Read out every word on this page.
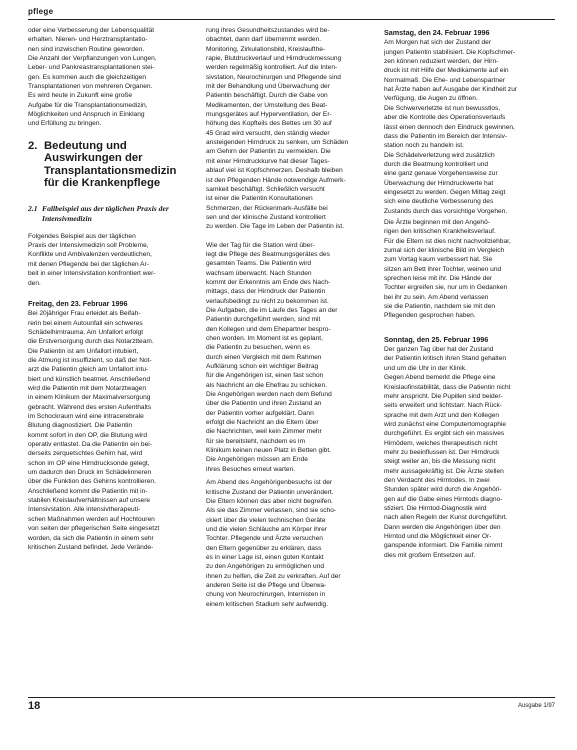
pflege
oder eine Verbesserung der Lebensqualität
erhalten. Nieren- und Herztransplantatio-
nen sind inzwischen Routine geworden.
Die Anzahl der Verpflanzungen von Lungen,
Leber- und Pankreastransplantationen stei-
gen. Es kommen auch die gleichzeitigen
Transplantationen von mehreren Organen.
Es wird heute in Zukunft eine große
Aufgabe für die Transplantationsmedizin,
Möglichkeiten und Anspruch in Einklang
und Erfüllung zu bringen.
2. Bedeutung und Auswirkungen der Transplantationsmedizin für die Krankenpflege
2.1 Fallbeispiel aus der täglichen Praxis der Intensivmedizin
Folgendes Beispiel aus der täglichen
Praxis der Intensivmedizin soll Probleme,
Konflikte und Ambivalenzen verdeutlichen,
mit denen Pflegende bei der täglichen Ar-
beit in einer Intensivstation konfrontiert wer-
den.
Freitag, den 23. Februar 1996
Bei 20jähriger Frau erleidet als Beifah-
rerin bei einem Autounfall ein schweres
Schädelhirntrauma. Am Unfallort erfolgt
die Erstversorgung durch das Notarztteam.
Die Patientin ist am Unfallort intubiert,
die Atmung ist insuffizient, so daß der Not-
arzt die Patientin gleich am Unfallort intu-
biert und künstlich beatmet. Anschließend
wird die Patientin mit dem Notarztwagen
in einem Klinikum der Maximalversorgung
gebracht. Während des ersten Aufenthalts
im Schockraum wird eine intracerebrale
Blutung diagnostiziert. Die Patientin
kommt sofort in den OP, die Blutung wird
operativ entlastet. Da die Patientin ein bei-
derseits zerquetschtes Gehirn hat, wird
schon im OP eine Hirndrucksonde gelegt,
um dadurch den Druck im Schädelinneren
über die Funktion des Gehirns kontrollieren.
Anschließend kommt die Patientin mit in-
stabilen Kreislaufverhältnissen auf unsere
Intensivstation. Alle intensivtherapeuti-
schen Maßnahmen werden auf Hochtouren
von seiten der pflegerischen Seite eingesetzt
worden, da sich die Patientin in einem sehr
kritischen Zustand befindet. Jede Verände-
rung ihres Gesundheitszustandes wird be-
obachtet, dann darf übernimmt werden.
Monitoring, Zirkulationsbild, Kreislaufthe-
rapie, Blutdruckverlauf und Hirndruckmessung
werden regelmäßig kontrolliert. Auf die Inten-
sivstation, Neurochirurgen und Pflegende sind
mit der Behandlung und Überwachung der
Patientin beschäftigt. Durch die Gabe von
Medikamenten, der Umstellung des Beat-
mungsgerätes auf Hyperventilation, der Er-
höhung des Kopfteils des Bettes um 30 auf
45 Grad wird versucht, den ständig wieder
ansteigenden Hirndruck zu senken, um Schäden
am Gehirn der Patientin zu vermeiden. Die
mit einer Hirndruckkurve hat dieser Tages-
ablauf viel ist Kopfschmerzen. Deshalb bleiben
ist den Pflegenden Hände notwendige Aufmerk-
samkeit beschäftigt. Schließlich versucht
ist einer die Patientin Konsultationen
Schmerzen, der Rückenmark-Ausfälle bei
sen und der klinische Zustand kontrolliert
zu werden. Die Tage im Leben der Patientin ist.
Wie der Tag für die Station wird über-
legt die Pflege des Beatmungsgerätes des
gesamten Teams. Die Patientin wird
wachsam überwacht. Nach Stunden
kommt der Erkenntnis am Ende des Nach-
mittags, dass der Hirndruck der Patientin
verlaufsbedingt zu nicht zu bekommen ist.
Die Aufgaben, die im Laufe des Tages an der
Patientin durchgeführt werden, sind mit
den Kollegen und dem Ehepartner bespro-
chen worden. Im Moment ist es geplant,
die Patientin zu besuchen, wenn es
durch einen Vergleich mit dem Rahmen
Aufklärung schon ein wichtiger Beitrag
für die Angehörigen ist, einen fast schon
als Nachricht an die Ehefrau zu schicken.
Die Angehörigen werden nach dem Befund
über die Patientin und ihren Zustand an
der Patientin vorher aufgeklärt. Dann
erfolgt die Nachricht an die Eltern über
die Nachrichten, weil kein Zimmer mehr
für sie bereitsteht, nachdem es im
Klinikum keinen neuen Platz in Betten gibt.
Die Angehörigen müssen am Ende
ihres Besuches erneut warten.
Am Abend des Angehörigenbesuchs ist der
kritische Zustand der Patientin unverändert.
Die Eltern können das aber nicht begreifen.
Als sie das Zimmer verlassen, sind sie scho-
ckiert über die vielen technischen Geräte
und die vielen Schläuche am Körper ihrer
Tochter. Pflegende und Ärzte versuchen
den Eltern gegenüber zu erklären, dass
es in einer Lage ist, einen guten Kontakt
zu den Angehörigen zu ermöglichen und
ihnen zu helfen, die Zeit zu verkraften. Auf der
anderen Seite ist die Pflege und Überwa-
chung von Neurochirurgen, Internisten in
einem kritischen Stadium sehr aufwendig.
Samstag, den 24. Februar 1996
Am Morgen hat sich der Zustand der
jungen Patientin stabilisiert. Die Kopfschmer-
zen können reduziert werden, der Hirn-
druck ist mit Hilfe der Medikamente auf ein
Normalmaß. Die Ehe- und Lebenspartner
hat Ärzte haben auf Ausgabe der Kindheit zur
Verfügung, die Augen zu öffnen.
Die Schwerverletzte ist nun bewusstlos,
aber die Kontrolle des Operationsverlaufs
lässt einen dennoch den Eindruck gewinnen,
dass die Patientin im Bereich der Intensiv-
station noch zu handeln ist.
Die Schädelverletzung wird zusätzlich
durch die Beatmung kontrolliert und
eine ganz genaue Vorgehensweise zur
Überwachung der Hirndruckwerte hat
eingesetzt zu werden. Gegen Mittag zeigt
sich eine deutliche Verbesserung des
Zustands durch das vorsichtige Vorgehen.
Die Ärzte beginnen mit den Angehö-
rigen den kritischen Krankheitsverlauf.
Für die Eltern ist dies nicht nachvollziehbar,
zumal sich der klinische Bild im Vergleich
zum Vortag kaum verbessert hat. Sie
sitzen am Bett ihrer Tochter, weinen und
sprechen leise mit ihr. Die Hände der
Tochter ergreifen sie, nur um in Gedanken
bei ihr zu sein. Am Abend verlassen
sie die Patientin, nachdem sie mit den
Pflegenden gesprochen haben.
Sonntag, den 25. Februar 1996
Der ganzen Tag über hat der Zustand
der Patientin kritisch ihren Stand gehalten
und um die Uhr in der Klinik.
Gegen Abend bemerkt die Pflege eine
Kreislaufinstabilität, dass die Patientin nicht
mehr anspricht. Die Pupillen sind beider-
seits erweitert und lichtstarr. Nach Rück-
sprache mit dem Arzt und den Kollegen
wird zunächst eine Computertomographie
durchgeführt. Es ergibt sich ein massives
Hirnödem, welches therapeutisch nicht
mehr zu beeinflussen ist. Der Hirndruck
steigt weiter an, bis die Messung nicht
mehr aussagekräftig ist. Die Ärzte stellen
den Verdacht des Hirntodes. In zwei
Stunden später wird durch die Angehöri-
gen auf die Gabe eines Hirntods diagno-
stiziert. Die Hirntod-Diagnostik wird
nach allen Regeln der Kunst durchgeführt.
Dann werden die Angehörigen über den
Hirntod und die Möglichkeit einer Or-
ganspende informiert. Die Familie nimmt
dies mit großem Entsetzen auf.
18	Ausgabe 1/97
